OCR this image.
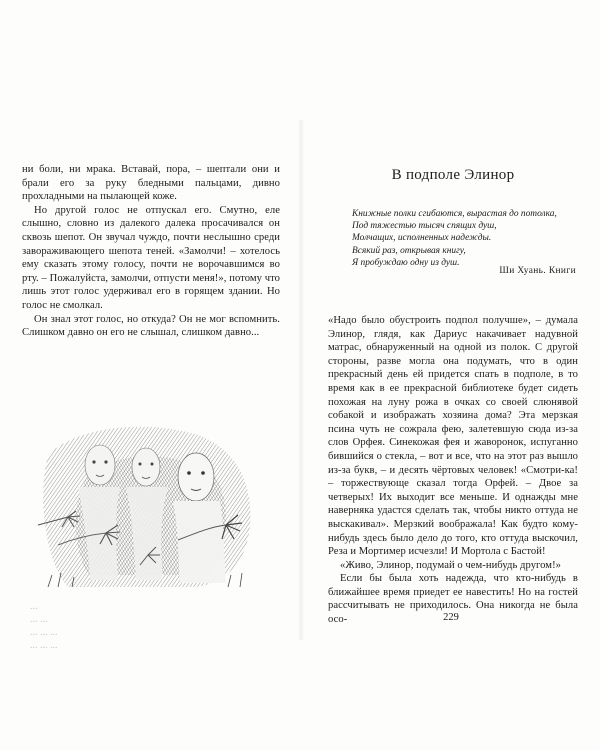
ни боли, ни мрака. Вставай, пора, – шептали они и брали его за руку бледными пальцами, дивно прохладными на пылающей коже.

Но другой голос не отпускал его. Смутно, еле слышно, словно из далекого далека просачивался он сквозь шепот. Он звучал чуждо, почти неслышно среди завораживающего шепота теней. «Замолчи! – хотелось ему сказать этому голосу, почти не ворочавшимся во рту. – Пожалуйста, замолчи, отпусти меня!», потому что лишь этот голос удерживал его в горящем здании. Но голос не смолкал.

Он знал этот голос, но откуда? Он не мог вспомнить. Слишком давно он его не слышал, слишком давно...

...
... ...
... ... ...
... ... ...
В подполе Элинор
Книжные полки сгибаются, вырастая до потолка,
Под тяжестью тысяч спящих душ,
Молчащих, исполненных надежды.
Всякий раз, открывая книгу,
Я пробуждаю одну из душ.
Ши Хуань. Книги

«Надо было обустроить подпол получше», – думала Элинор, глядя, как Дариус накачивает надувной матрас, обнаруженный на одной из полок. С другой стороны, разве могла она подумать, что в один прекрасный день ей придется спать в подполе, в то время как в ее прекрасной библиотеке будет сидеть похожая на луну рожа в очках со своей слюнявой собакой и изображать хозяина дома? Эта мерзкая псина чуть не сожрала фею, залетевшую сюда из-за слов Орфея. Синекожая фея и жаворонок, испуганно бившийся о стекла, – вот и все, что на этот раз вышло из-за букв, – и десять чёртовых человек! «Смотри-ка! – торжествующе сказал тогда Орфей. – Двое за четверых! Их выходит все меньше. И однажды мне наверняка удастся сделать так, чтобы никто оттуда не выскакивал». Мерзкий воображала! Как будто кому-нибудь здесь было дело до того, кто оттуда выскочил, Реза и Мортимер исчезли! И Мортола с Бастой!

«Живо, Элинор, подумай о чем-нибудь другом!»

Если бы была хоть надежда, что кто-нибудь в ближайшее время приедет ее навестить! Но на гостей рассчитывать не приходилось. Она никогда не была осо-	229
